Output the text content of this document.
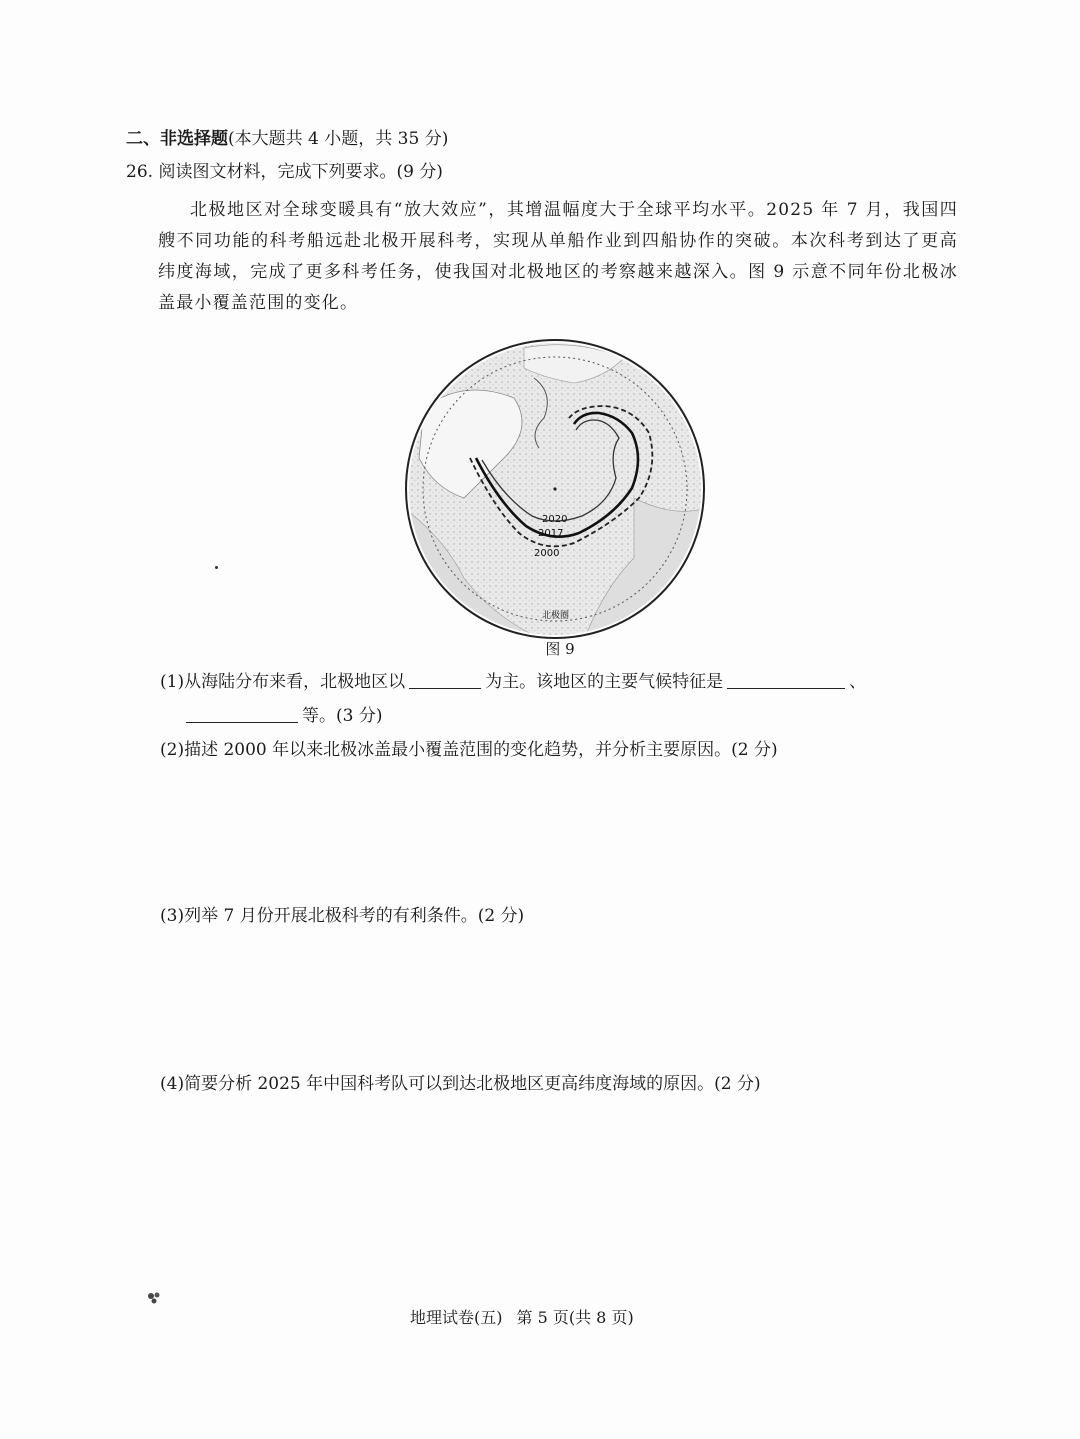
二、非选择题(本大题共 4 小题，共 35 分)
26. 阅读图文材料，完成下列要求。(9 分)
北极地区对全球变暖具有“放大效应”，其增温幅度大于全球平均水平。2025 年 7 月，我国四艘不同功能的科考船远赴北极开展科考，实现从单船作业到四船协作的突破。本次科考到达了更高纬度海域，完成了更多科考任务，使我国对北极地区的考察越来越深入。图 9 示意不同年份北极冰盖最小覆盖范围的变化。
2020
2017
2000
北极圈
图 9
(1)从海陆分布来看，北极地区以	为主。该地区的主要气候特征是	、
等。(3 分)
(2)描述 2000 年以来北极冰盖最小覆盖范围的变化趋势，并分析主要原因。(2 分)
(3)列举 7 月份开展北极科考的有利条件。(2 分)
(4)简要分析 2025 年中国科考队可以到达北极地区更高纬度海域的原因。(2 分)
地理试卷(五) 第 5 页(共 8 页)
